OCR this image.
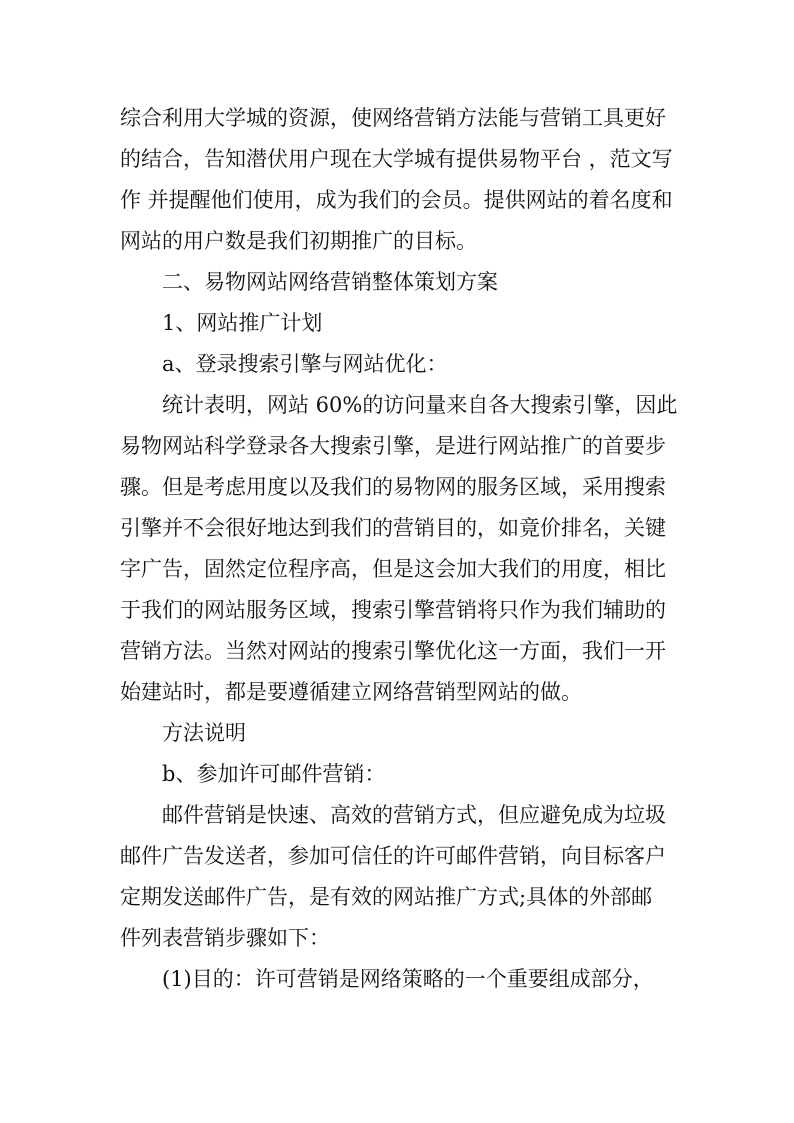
综合利用大学城的资源，使网络营销方法能与营销工具更好

的结合，告知潜伏用户现在大学城有提供易物平台 ，范文写

作 并提醒他们使用，成为我们的会员。提供网站的着名度和

网站的用户数是我们初期推广的目标。

二、易物网站网络营销整体策划方案

1、网站推广计划

a、登录搜索引擎与网站优化：

统计表明，网站 60%的访问量来自各大搜索引擎，因此

易物网站科学登录各大搜索引擎，是进行网站推广的首要步

骤。但是考虑用度以及我们的易物网的服务区域，采用搜索

引擎并不会很好地达到我们的营销目的，如竟价排名，关键

字广告，固然定位程序高，但是这会加大我们的用度，相比

于我们的网站服务区域，搜索引擎营销将只作为我们辅助的

营销方法。当然对网站的搜索引擎优化这一方面，我们一开

始建站时，都是要遵循建立网络营销型网站的做。

方法说明

b、参加许可邮件营销：

邮件营销是快速、高效的营销方式，但应避免成为垃圾

邮件广告发送者，参加可信任的许可邮件营销，向目标客户

定期发送邮件广告，是有效的网站推广方式;具体的外部邮

件列表营销步骤如下：

(1)目的：许可营销是网络策略的一个重要组成部分，
